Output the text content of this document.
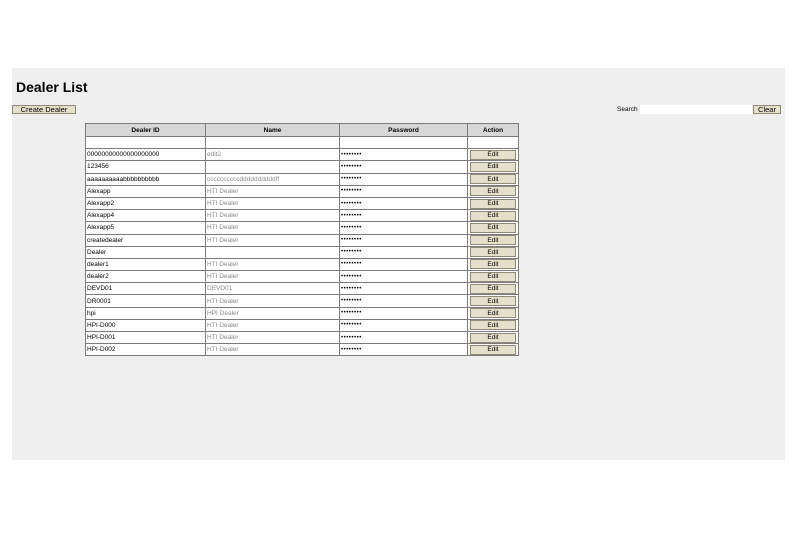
Dealer List
Create Dealer	Search	Clear
Dealer ID	Name	Password	Action

00000000000000000000	edit2	••••••••	Edit

123456		••••••••	Edit

aaaaaaaaaabbbbbbbbbb	ccccccccccddddddddddff	••••••••	Edit

Alexapp	HTI Dealer	••••••••	Edit

Alexapp2	HTI Dealer	••••••••	Edit

Alexapp4	HTI Dealer	••••••••	Edit

Alexapp5	HTI Dealer	••••••••	Edit

createdealer	HTI Dealer	••••••••	Edit

Dealer		••••••••	Edit

dealer1	HTI Dealer	••••••••	Edit

dealer2	HTI Dealer	••••••••	Edit

DEVD01	DEVD01	••••••••	Edit

DR0001	HTI Dealer	••••••••	Edit

hpi	HPI Dealer	••••••••	Edit

HPI-D000	HTI Dealer	••••••••	Edit

HPI-D001	HTI Dealer	••••••••	Edit

HPI-D002	HTI Dealer	••••••••	Edit
